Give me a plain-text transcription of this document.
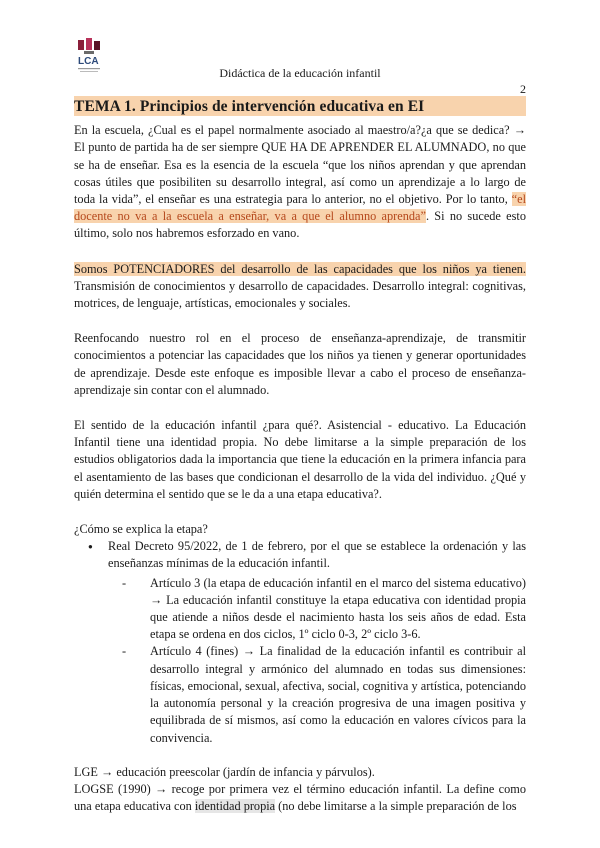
LCA
Didáctica de la educación infantil
2
TEMA 1. Principios de intervención educativa en EI

En la escuela, ¿Cual es el papel normalmente asociado al maestro/a?¿a que se dedica? → El punto de partida ha de ser siempre QUE HA DE APRENDER EL ALUMNADO, no que se ha de enseñar. Esa es la esencia de la escuela “que los niños aprendan y que aprendan cosas útiles que posibiliten su desarrollo integral, así como un aprendizaje a lo largo de toda la vida”, el enseñar es una estrategia para lo anterior, no el objetivo. Por lo tanto, “el docente no va a la escuela a enseñar, va a que el alumno aprenda”. Si no sucede esto último, solo nos habremos esforzado en vano.

Somos POTENCIADORES del desarrollo de las capacidades que los niños ya tienen. Transmisión de conocimientos y desarrollo de capacidades. Desarrollo integral: cognitivas, motrices, de lenguaje, artísticas, emocionales y sociales.

Reenfocando nuestro rol en el proceso de enseñanza-aprendizaje, de transmitir conocimientos a potenciar las capacidades que los niños ya tienen y generar oportunidades de aprendizaje. Desde este enfoque es imposible llevar a cabo el proceso de enseñanza-aprendizaje sin contar con el alumnado.

El sentido de la educación infantil ¿para qué?. Asistencial - educativo. La Educación Infantil tiene una identidad propia. No debe limitarse a la simple preparación de los estudios obligatorios dada la importancia que tiene la educación en la primera infancia para el asentamiento de las bases que condicionan el desarrollo de la vida del individuo. ¿Qué y quién determina el sentido que se le da a una etapa educativa?.

¿Cómo se explica la etapa?
● Real Decreto 95/2022, de 1 de febrero, por el que se establece la ordenación y las enseñanzas mínimas de la educación infantil.
- Artículo 3 (la etapa de educación infantil en el marco del sistema educativo) → La educación infantil constituye la etapa educativa con identidad propia que atiende a niños desde el nacimiento hasta los seis años de edad. Esta etapa se ordena en dos ciclos, 1º ciclo 0-3, 2º ciclo 3-6.
- Artículo 4 (fines) → La finalidad de la educación infantil es contribuir al desarrollo integral y armónico del alumnado en todas sus dimensiones: físicas, emocional, sexual, afectiva, social, cognitiva y artística, potenciando la autonomía personal y la creación progresiva de una imagen positiva y equilibrada de sí mismos, así como la educación en valores cívicos para la convivencia.
LGE → educación preescolar (jardín de infancia y párvulos).
LOGSE (1990) → recoge por primera vez el término educación infantil. La define como una etapa educativa con identidad propia (no debe limitarse a la simple preparación de los
